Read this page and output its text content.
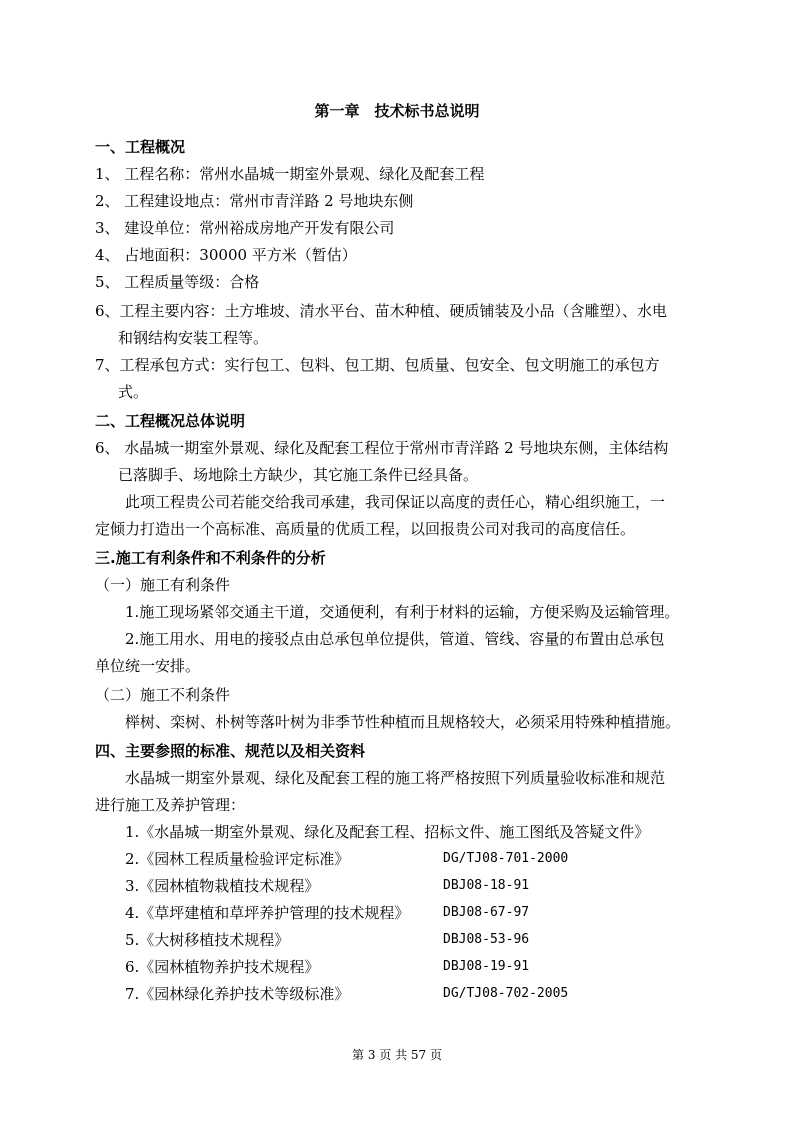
第一章　技术标书总说明
一、工程概况
1、 工程名称：常州水晶城一期室外景观、绿化及配套工程
2、 工程建设地点：常州市青洋路 2 号地块东侧
3、 建设单位：常州裕成房地产开发有限公司
4、 占地面积：30000 平方米（暂估）
5、 工程质量等级：合格
6、工程主要内容：土方堆坡、清水平台、苗木种植、硬质铺装及小品（含雕塑）、水电
和钢结构安装工程等。
7、工程承包方式：实行包工、包料、包工期、包质量、包安全、包文明施工的承包方
式。
二、工程概况总体说明
6、 水晶城一期室外景观、绿化及配套工程位于常州市青洋路 2 号地块东侧，主体结构
已落脚手、场地除土方缺少，其它施工条件已经具备。
此项工程贵公司若能交给我司承建，我司保证以高度的责任心，精心组织施工，一
定倾力打造出一个高标准、高质量的优质工程，以回报贵公司对我司的高度信任。
三.施工有利条件和不利条件的分析
（一）施工有利条件
1.施工现场紧邻交通主干道，交通便利，有利于材料的运输，方便采购及运输管理。
2.施工用水、用电的接驳点由总承包单位提供，管道、管线、容量的布置由总承包
单位统一安排。
（二）施工不利条件
榉树、栾树、朴树等落叶树为非季节性种植而且规格较大，必须采用特殊种植措施。
四、主要参照的标准、规范以及相关资料
水晶城一期室外景观、绿化及配套工程的施工将严格按照下列质量验收标准和规范
进行施工及养护管理：
1.《水晶城一期室外景观、绿化及配套工程、招标文件、施工图纸及答疑文件》
2.《园林工程质量检验评定标准》	DG/TJ08-701-2000
3.《园林植物栽植技术规程》	DBJ08-18-91
4.《草坪建植和草坪养护管理的技术规程》	DBJ08-67-97
5.《大树移植技术规程》	DBJ08-53-96
6.《园林植物养护技术规程》	DBJ08-19-91
7.《园林绿化养护技术等级标准》	DG/TJ08-702-2005
第 3 页 共 57 页
